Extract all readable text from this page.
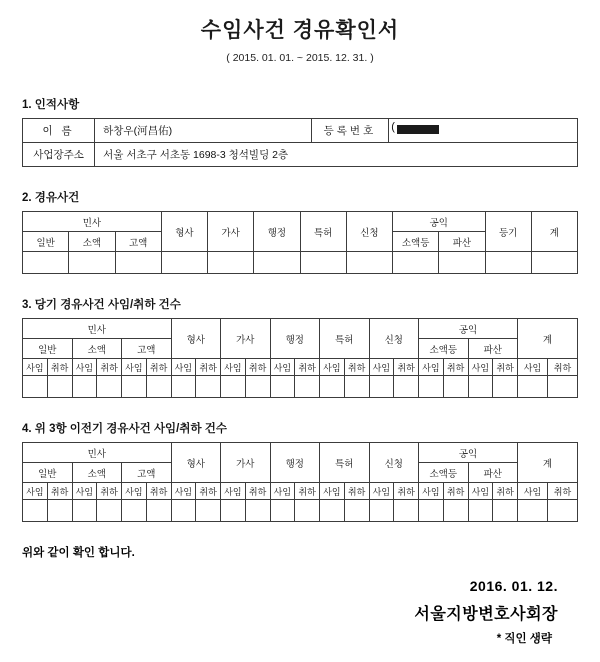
수임사건 경유확인서
( 2015. 01. 01. ~ 2015. 12. 31. )
1. 인적사항
이 름	하창우(河昌佑)	등록번호	(

사업장주소	서울 서초구 서초동 1698-3 청석빌딩 2층		
2. 경유사건
민사			형사	가사	행정	특허	신청	공익		등기	계
일반	소액	고액						소액등	파산		

3. 당기 경유사건 사임/취하 건수
민사						형사		가사		행정		특허		신청		공익				계	
일반		소액		고액												소액등		파산			
사임	취하	사임	취하	사임	취하	사임	취하	사임	취하	사임	취하	사임	취하	사임	취하	사임	취하	사임	취하	사임	취하

4. 위 3항 이전기 경유사건 사임/취하 건수
민사						형사		가사		행정		특허		신청		공익				계	
일반		소액		고액												소액등		파산			
사임	취하	사임	취하	사임	취하	사임	취하	사임	취하	사임	취하	사임	취하	사임	취하	사임	취하	사임	취하	사임	취하

위와 같이 확인 합니다.
2016. 01. 12.
서울지방변호사회장
* 직인 생략
